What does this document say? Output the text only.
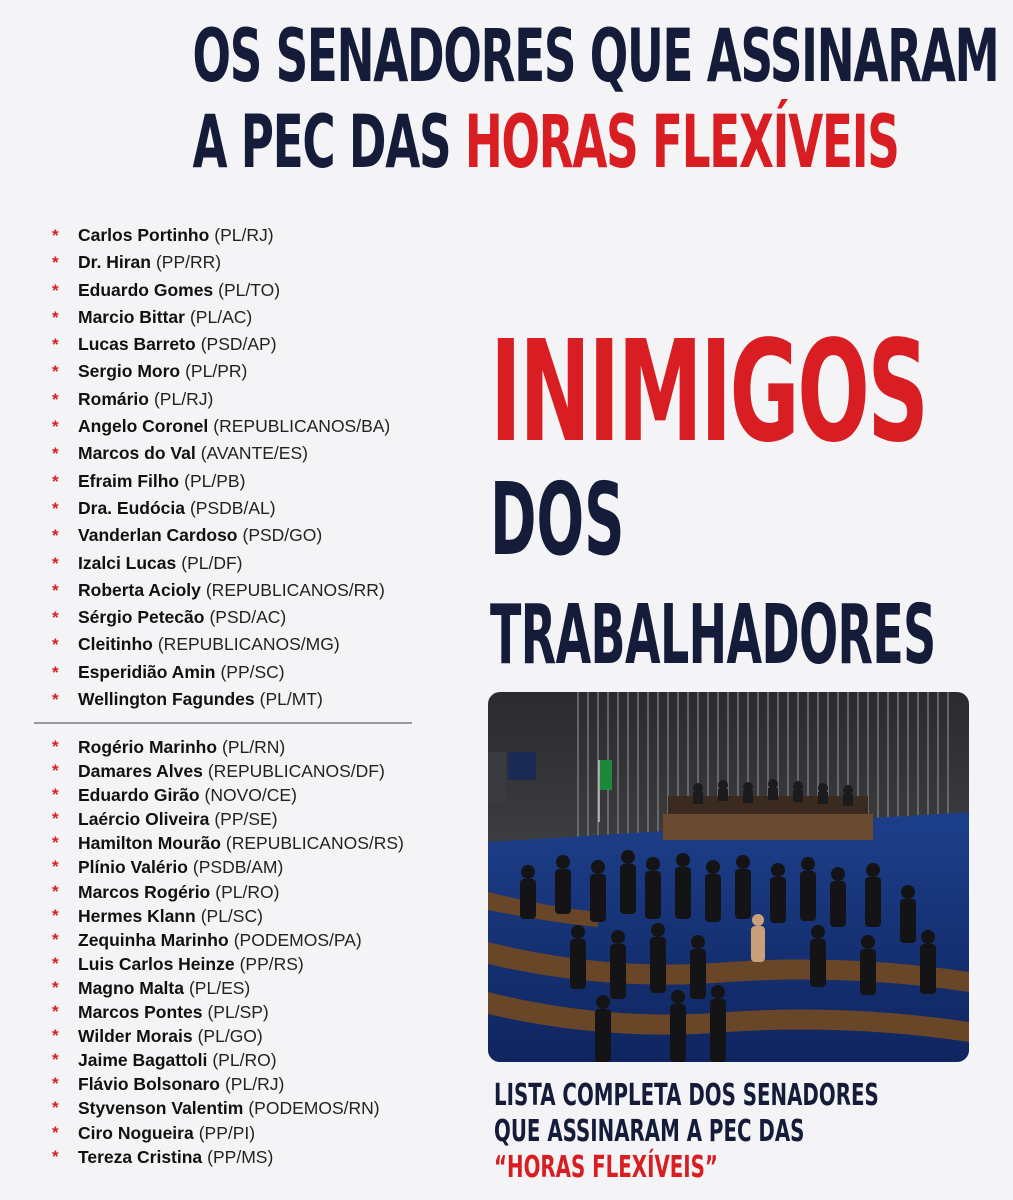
OS SENADORES QUE ASSINARAM
A PEC DAS HORAS FLEXÍVEIS
* Carlos Portinho (PL/RJ)
* Dr. Hiran (PP/RR)
* Eduardo Gomes (PL/TO)
* Marcio Bittar (PL/AC)
* Lucas Barreto (PSD/AP)
* Sergio Moro (PL/PR)
* Romário (PL/RJ)
* Angelo Coronel (REPUBLICANOS/BA)
* Marcos do Val (AVANTE/ES)
* Efraim Filho (PL/PB)
* Dra. Eudócia (PSDB/AL)
* Vanderlan Cardoso (PSD/GO)
* Izalci Lucas (PL/DF)
* Roberta Acioly (REPUBLICANOS/RR)
* Sérgio Petecão (PSD/AC)
* Cleitinho (REPUBLICANOS/MG)
* Esperidião Amin (PP/SC)
* Wellington Fagundes (PL/MT)
* Rogério Marinho (PL/RN)
* Damares Alves (REPUBLICANOS/DF)
* Eduardo Girão (NOVO/CE)
* Laércio Oliveira (PP/SE)
* Hamilton Mourão (REPUBLICANOS/RS)
* Plínio Valério (PSDB/AM)
* Marcos Rogério (PL/RO)
* Hermes Klann (PL/SC)
* Zequinha Marinho (PODEMOS/PA)
* Luis Carlos Heinze (PP/RS)
* Magno Malta (PL/ES)
* Marcos Pontes (PL/SP)
* Wilder Morais (PL/GO)
* Jaime Bagattoli (PL/RO)
* Flávio Bolsonaro (PL/RJ)
* Styvenson Valentim (PODEMOS/RN)
* Ciro Nogueira (PP/PI)
* Tereza Cristina (PP/MS)
INIMIGOS
DOS
TRABALHADORES
LISTA COMPLETA DOS SENADORES
QUE ASSINARAM A PEC DAS
“HORAS FLEXÍVEIS”
